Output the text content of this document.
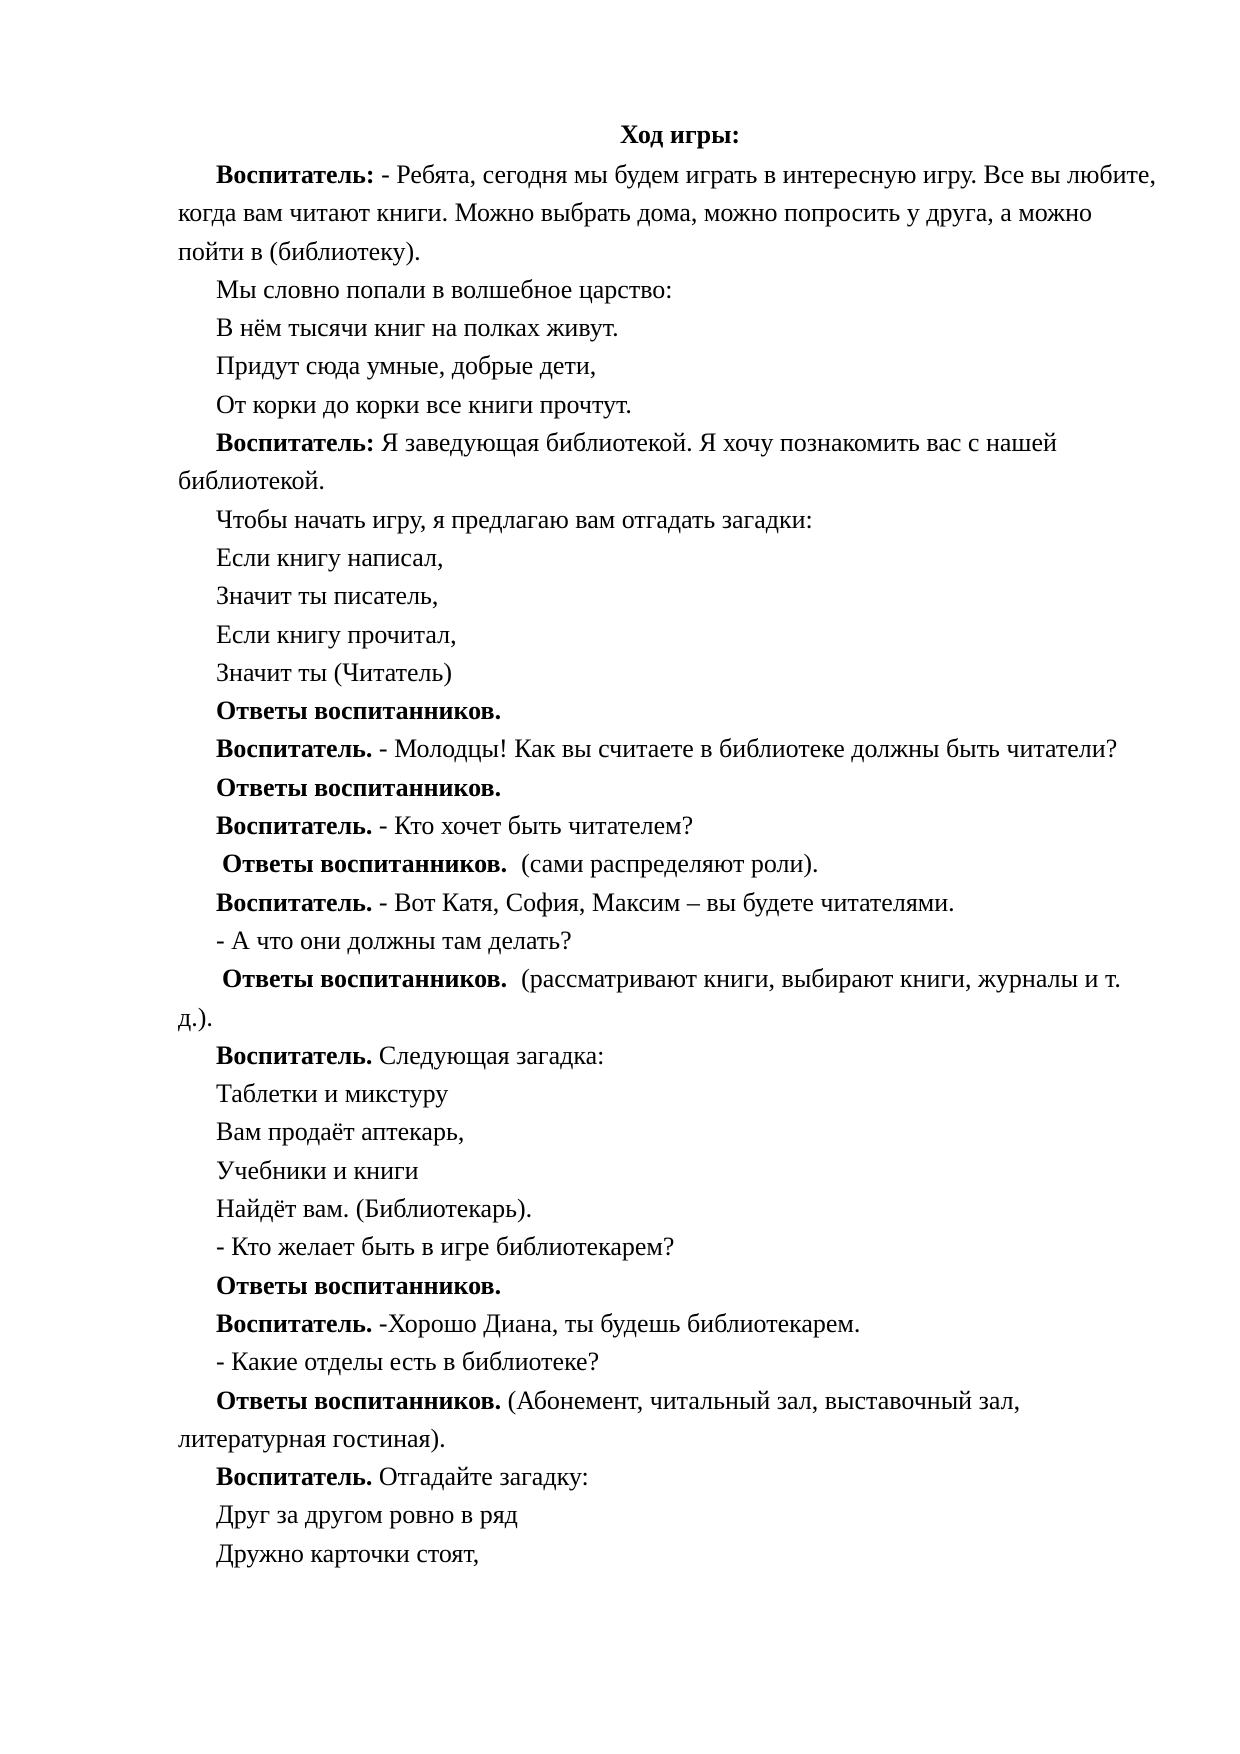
Ход игры:

Воспитатель: - Ребята, сегодня мы будем играть в интересную игру. Все вы любите, когда вам читают книги. Можно выбрать дома, можно попросить у друга, а можно пойти в (библиотеку).

Мы словно попали в волшебное царство:

В нём тысячи книг на полках живут.

Придут сюда умные, добрые дети,

От корки до корки все книги прочтут.

Воспитатель: Я заведующая библиотекой. Я хочу познакомить вас с нашей библиотекой.

Чтобы начать игру, я предлагаю вам отгадать загадки:

Если книгу написал,

Значит ты писатель,

Если книгу прочитал,

Значит ты (Читатель)

Ответы воспитанников.

Воспитатель. - Молодцы! Как вы считаете в библиотеке должны быть читатели?

Ответы воспитанников.

Воспитатель. - Кто хочет быть читателем?

Ответы воспитанников. (сами распределяют роли).

Воспитатель. - Вот Катя, София, Максим – вы будете читателями.

- А что они должны там делать?

Ответы воспитанников. (рассматривают книги, выбирают книги, журналы и т. д.).

Воспитатель. Следующая загадка:

Таблетки и микстуру

Вам продаёт аптекарь,

Учебники и книги

Найдёт вам. (Библиотекарь).

- Кто желает быть в игре библиотекарем?

Ответы воспитанников.

Воспитатель. -Хорошо Диана, ты будешь библиотекарем.

- Какие отделы есть в библиотеке?

Ответы воспитанников. (Абонемент, читальный зал, выставочный зал, литературная гостиная).

Воспитатель. Отгадайте загадку:

Друг за другом ровно в ряд

Дружно карточки стоят,
